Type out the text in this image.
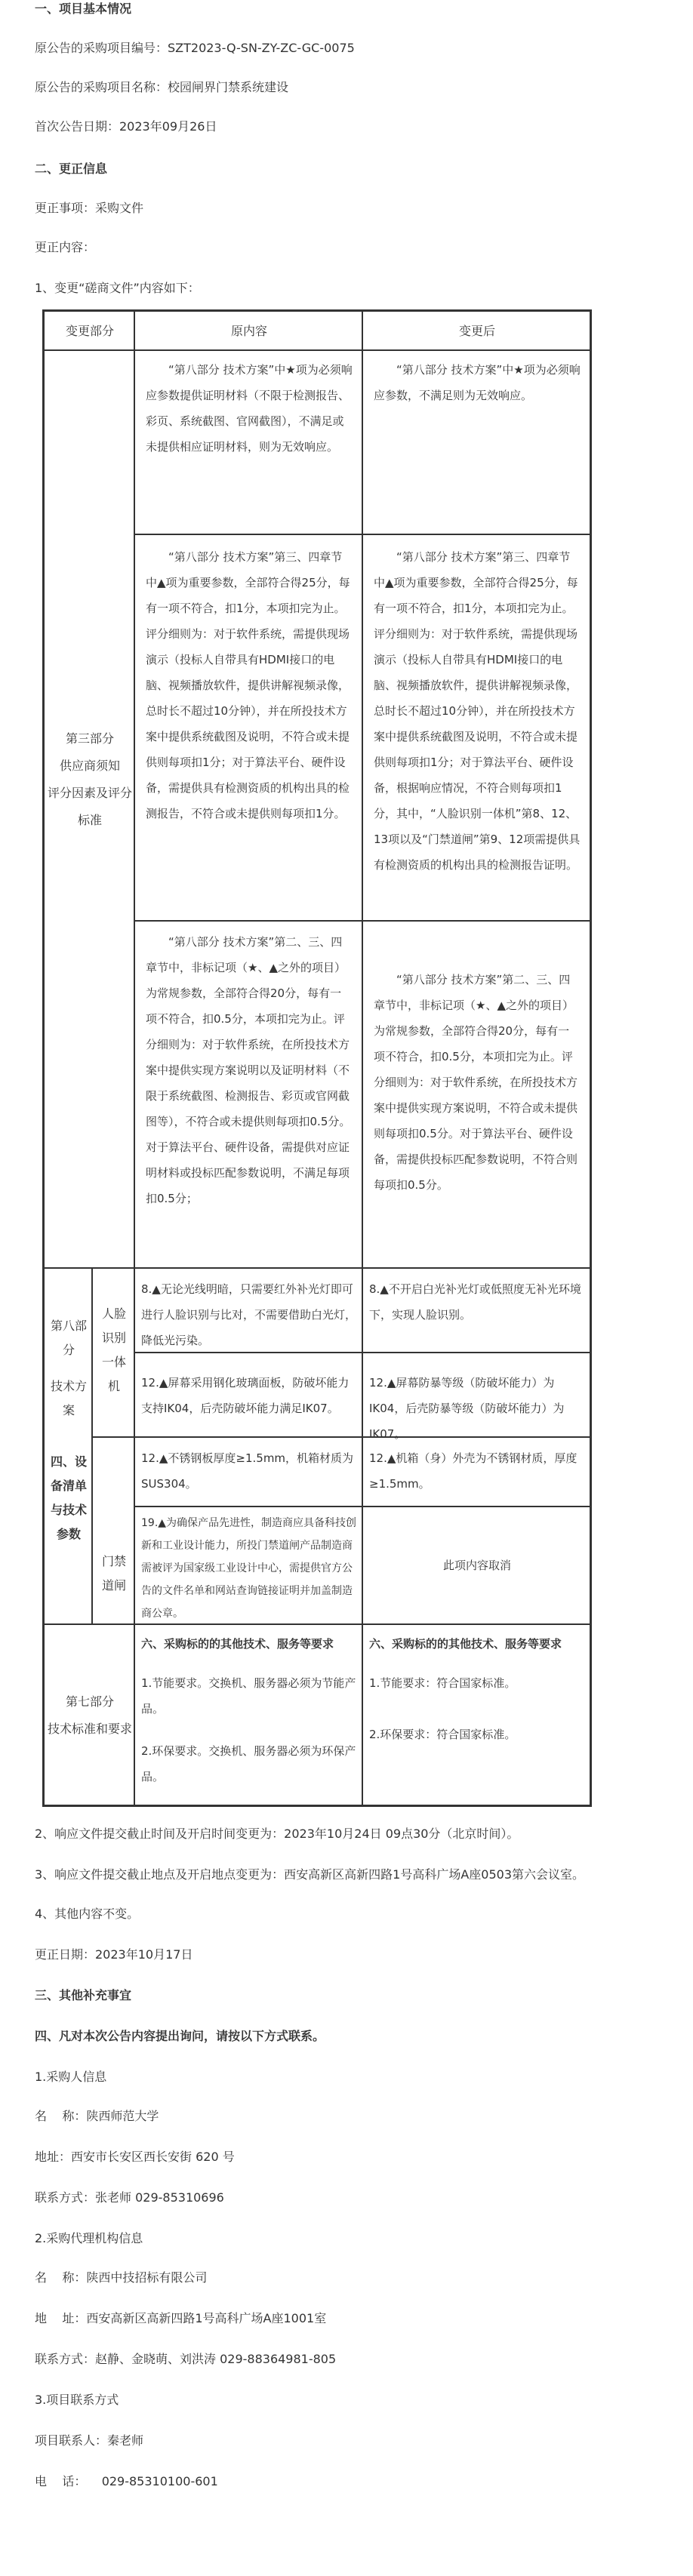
一、项目基本情况
原公告的采购项目编号：SZT2023-Q-SN-ZY-ZC-GC-0075
原公告的采购项目名称：校园闸界门禁系统建设
首次公告日期：2023年09月26日
二、更正信息
更正事项：采购文件
更正内容：
1、变更“磋商文件”内容如下：
变更部分	原内容	变更后
第三部分
供应商须知
评分因素及评分标准
“第八部分 技术方案”中★项为必须响应参数提供证明材料（不限于检测报告、彩页、系统截图、官网截图），不满足或未提供相应证明材料，则为无效响应。
“第八部分 技术方案”中★项为必须响应参数，不满足则为无效响应。
“第八部分 技术方案”第三、四章节中▲项为重要参数，全部符合得25分，每有一项不符合，扣1分，本项扣完为止。评分细则为：对于软件系统，需提供现场演示（投标人自带具有HDMI接口的电脑、视频播放软件，提供讲解视频录像，总时长不超过10分钟），并在所投技术方案中提供系统截图及说明，不符合或未提供则每项扣1分；对于算法平台、硬件设备，需提供具有检测资质的机构出具的检测报告，不符合或未提供则每项扣1分。
“第八部分 技术方案”第三、四章节中▲项为重要参数，全部符合得25分，每有一项不符合，扣1分，本项扣完为止。评分细则为：对于软件系统，需提供现场演示（投标人自带具有HDMI接口的电脑、视频播放软件，提供讲解视频录像，总时长不超过10分钟），并在所投技术方案中提供系统截图及说明，不符合或未提供则每项扣1分；对于算法平台、硬件设备，根据响应情况，不符合则每项扣1分，其中，“人脸识别一体机”第8、12、13项以及“门禁道闸”第9、12项需提供具有检测资质的机构出具的检测报告证明。
“第八部分 技术方案”第二、三、四章节中，非标记项（★、▲之外的项目）为常规参数，全部符合得20分，每有一项不符合，扣0.5分，本项扣完为止。评分细则为：对于软件系统，在所投技术方案中提供实现方案说明以及证明材料（不限于系统截图、检测报告、彩页或官网截图等），不符合或未提供则每项扣0.5分。对于算法平台、硬件设备，需提供对应证明材料或投标匹配参数说明，不满足每项扣0.5分；
“第八部分 技术方案”第二、三、四章节中，非标记项（★、▲之外的项目）为常规参数，全部符合得20分，每有一项不符合，扣0.5分，本项扣完为止。评分细则为：对于软件系统，在所投技术方案中提供实现方案说明，不符合或未提供则每项扣0.5分。对于算法平台、硬件设备，需提供投标匹配参数说明，不符合则每项扣0.5分。
第八部分
技术方案
四、设备清单与技术参数
人脸识别一体机
门禁道闸
8.▲无论光线明暗，只需要红外补光灯即可进行人脸识别与比对，不需要借助白光灯，降低光污染。
8.▲不开启白光补光灯或低照度无补光环境下，实现人脸识别。
12.▲屏幕采用钢化玻璃面板，防破坏能力支持IK04，后壳防破坏能力满足IK07。
12.▲屏幕防暴等级（防破坏能力）为IK04，后壳防暴等级（防破坏能力）为IK07。
12.▲不锈钢板厚度≥1.5mm，机箱材质为SUS304。
12.▲机箱（身）外壳为不锈钢材质，厚度≥1.5mm。
19.▲为确保产品先进性，制造商应具备科技创新和工业设计能力，所投门禁道闸产品制造商需被评为国家级工业设计中心，需提供官方公告的文件名单和网站查询链接证明并加盖制造商公章。
此项内容取消
第七部分
技术标准和要求
六、采购标的的其他技术、服务等要求
1.节能要求。交换机、服务器必须为节能产品。
2.环保要求。交换机、服务器必须为环保产品。
六、采购标的的其他技术、服务等要求
1.节能要求：符合国家标准。
2.环保要求：符合国家标准。
2、响应文件提交截止时间及开启时间变更为：2023年10月24日 09点30分（北京时间）。
3、响应文件提交截止地点及开启地点变更为：西安高新区高新四路1号高科广场A座0503第六会议室。
4、其他内容不变。
更正日期：2023年10月17日
三、其他补充事宜
四、凡对本次公告内容提出询问，请按以下方式联系。
1.采购人信息
名    称：陕西师范大学
地址：西安市长安区西长安街 620 号
联系方式：张老师 029-85310696
2.采购代理机构信息
名    称：陕西中技招标有限公司
地    址：西安高新区高新四路1号高科广场A座1001室
联系方式：赵静、金晓萌、刘洪涛 029-88364981-805
3.项目联系方式
项目联系人：秦老师
电    话：    029-85310100-601
